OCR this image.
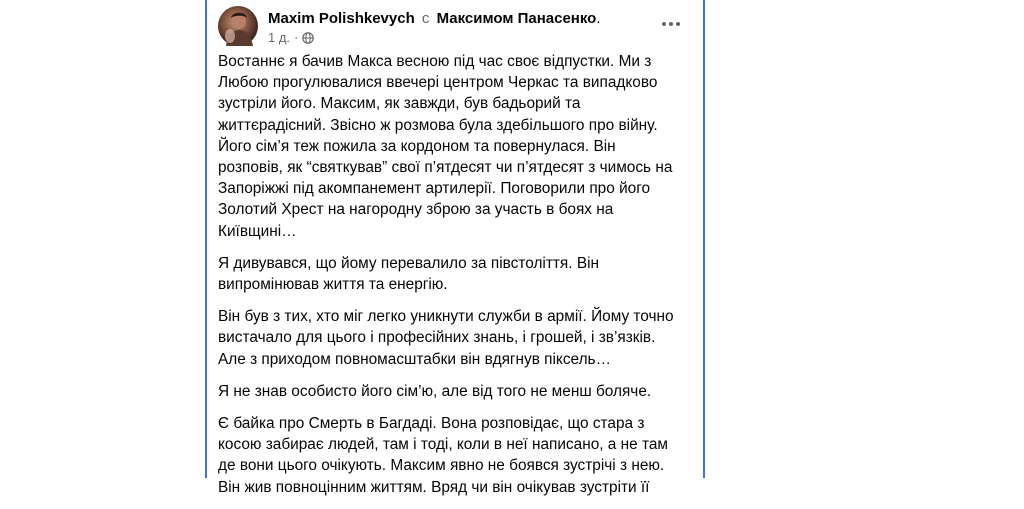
Maxim Polishkevych с Максимом Панасенко.
1 д. ·

Востаннє я бачив Макса весною під час своє відпустки. Ми з
Любою прогулювалися ввечері центром Черкас та випадково
зустріли його. Максим, як завжди, був бадьорий та
життєрадісний. Звісно ж розмова була здебільшого про війну.
Його сім’я теж пожила за кордоном та повернулася. Він
розповів, як “святкував” свої п’ятдесят чи п’ятдесят з чимось на
Запоріжжі під акомпанемент артилерії. Поговорили про його
Золотий Хрест на нагородну зброю за участь в боях на
Київщині…

Я дивувався, що йому перевалило за півстоліття. Він
випромінював життя та енергію.

Він був з тих, хто міг легко уникнути служби в армії. Йому точно
вистачало для цього і професійних знань, і грошей, і зв’язків.
Але з приходом повномасштабки він вдягнув піксель…

Я не знав особисто його сім’ю, але від того не менш боляче.

Є байка про Смерть в Багдаді. Вона розповідає, що стара з
косою забирає людей, там і тоді, коли в неї написано, а не там
де вони цього очікують. Максим явно не боявся зустрічі з нею.
Він жив повноцінним життям. Вряд чи він очікував зустріти її
